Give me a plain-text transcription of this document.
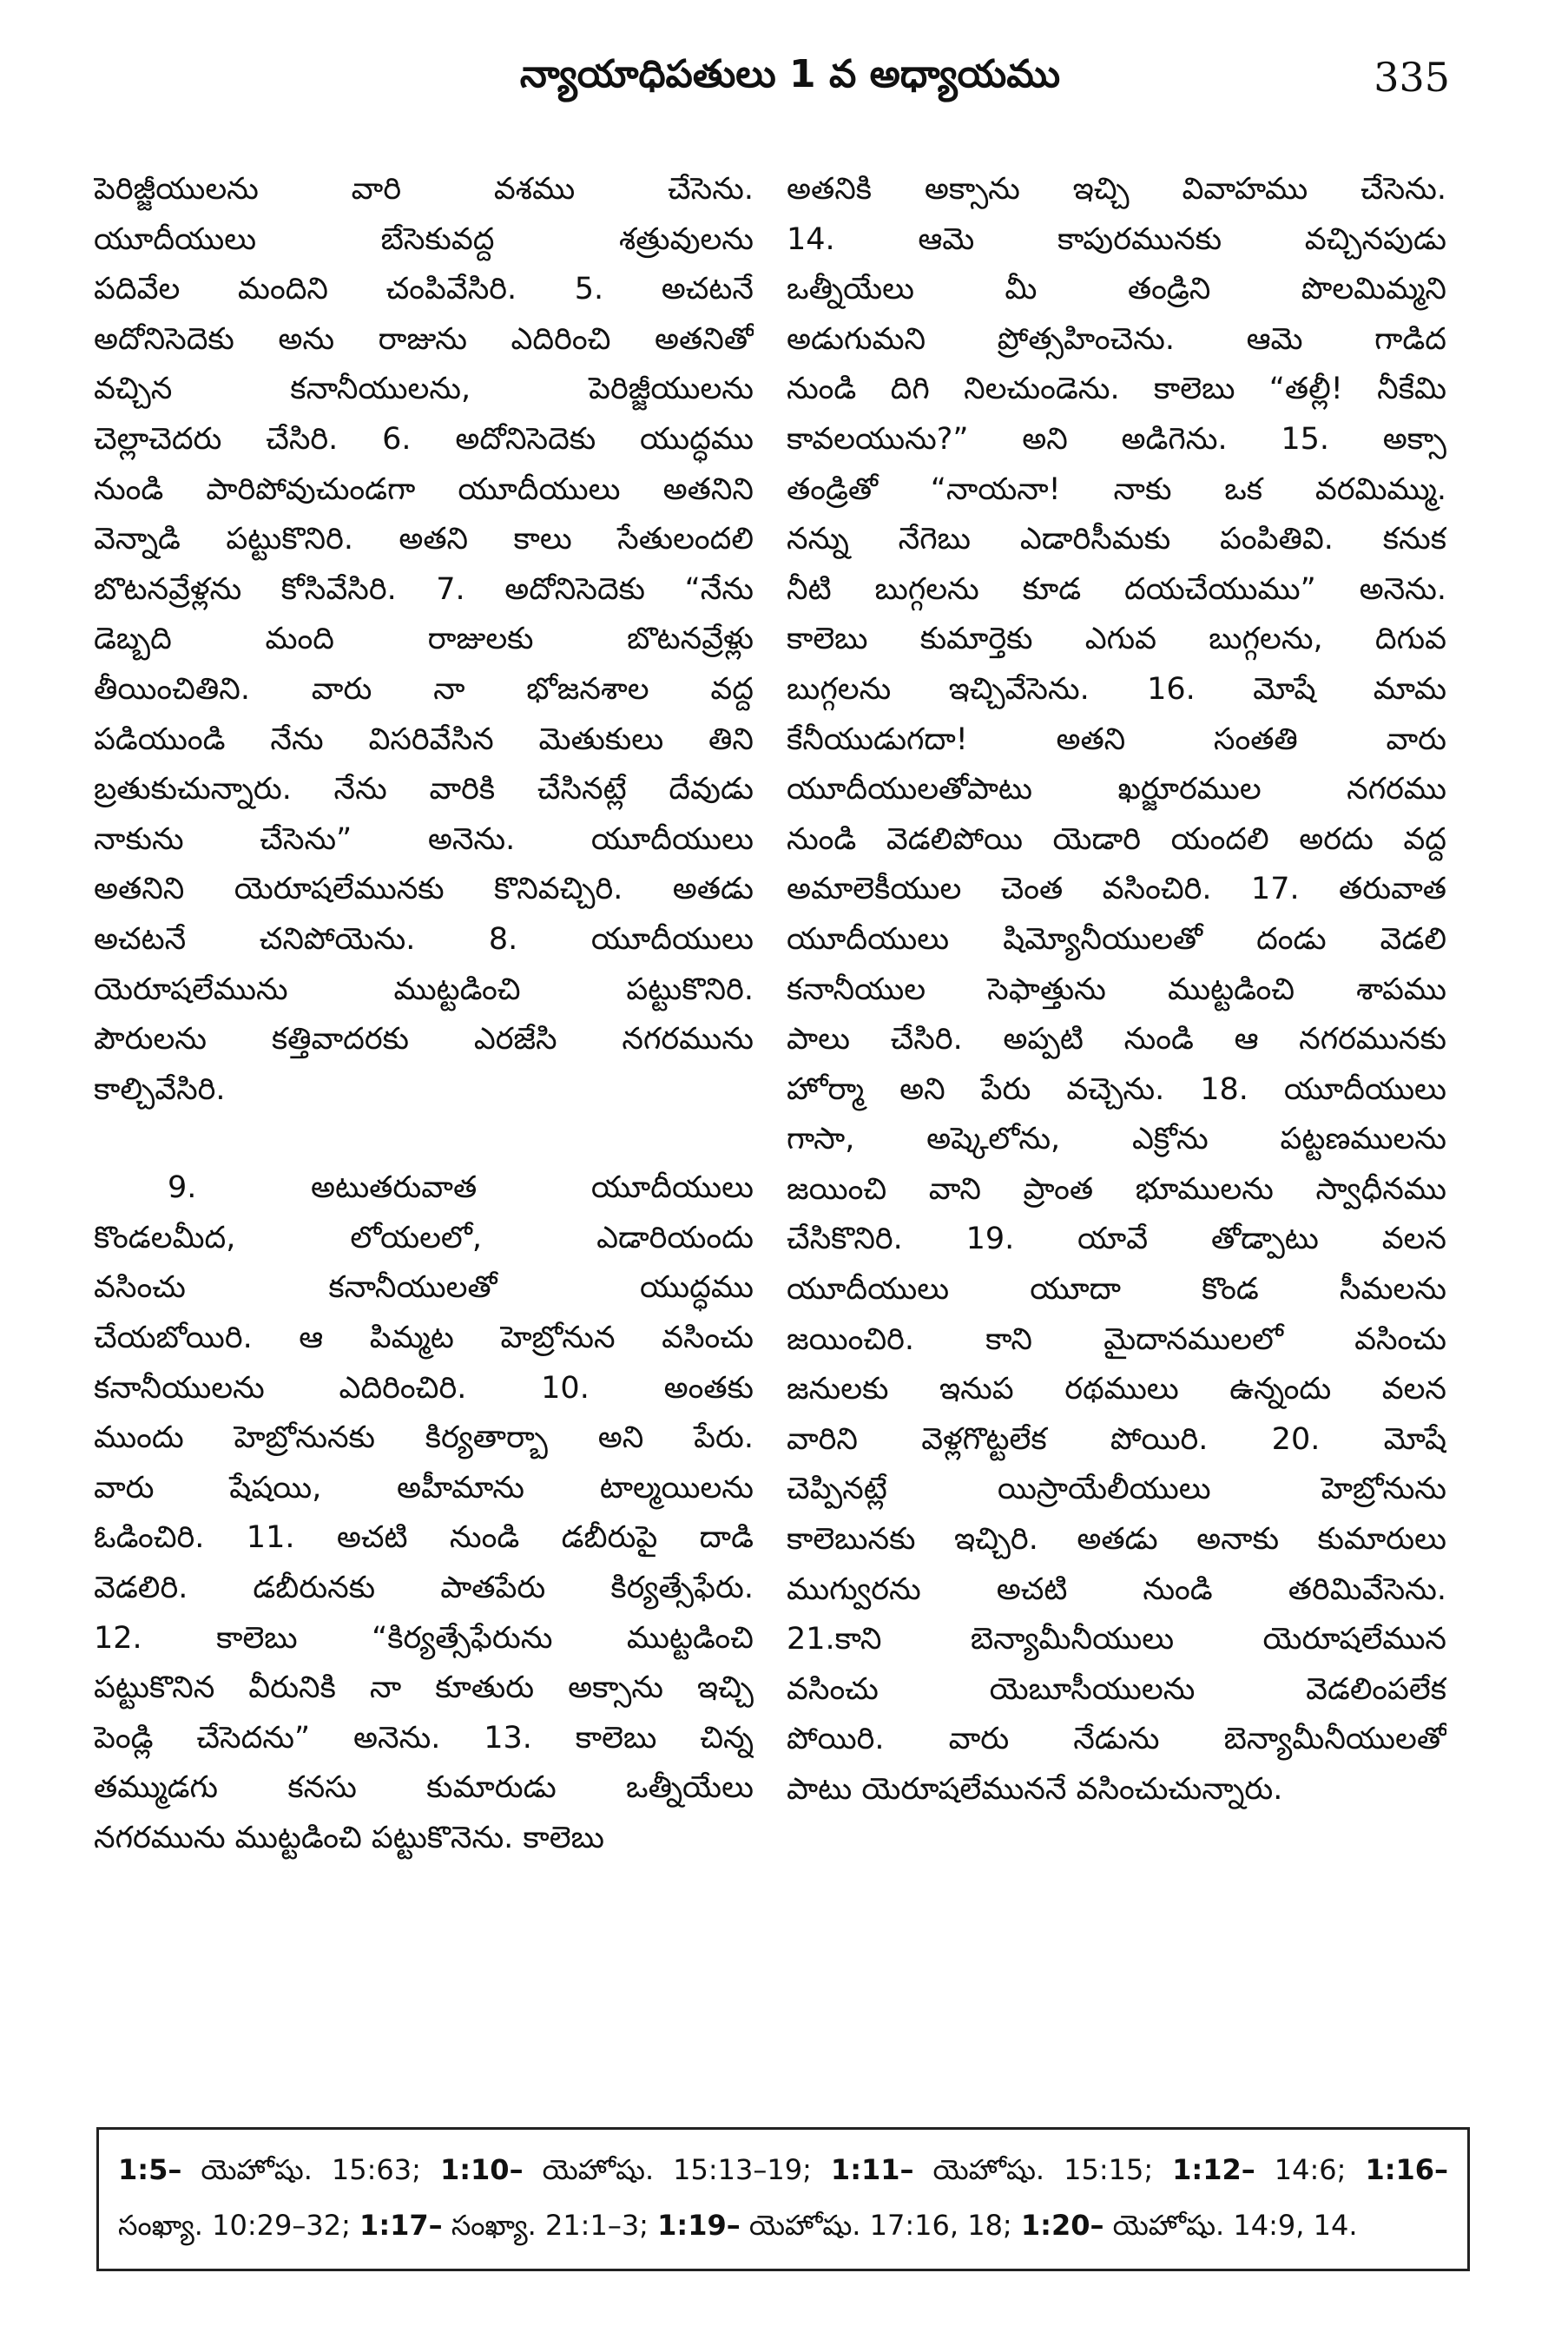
న్యాయాధిపతులు 1 వ అధ్యాయము	335
పెరిజ్జీయులను వారి వశము చేసెను.
యూదీయులు బేసెకువద్ద శత్రువులను
పదివేల మందిని చంపివేసిరి. 5. అచటనే
అదోనిసెదెకు అను రాజును ఎదిరించి అతనితో
వచ్చిన కనానీయులను, పెరిజ్జీయులను
చెల్లాచెదరు చేసిరి. 6. అదోనిసెదెకు యుద్ధము
నుండి పారిపోవుచుండగా యూదీయులు అతనిని
వెన్నాడి పట్టుకొనిరి. అతని కాలు సేతులందలి
బొటనవ్రేళ్లను కోసివేసిరి. 7. అదోనిసెదెకు “నేను
డెబ్బది మంది రాజులకు బొటనవ్రేళ్లు
తీయించితిని. వారు నా భోజనశాల వద్ద
పడియుండి నేను విసరివేసిన మెతుకులు తిని
బ్రతుకుచున్నారు. నేను వారికి చేసినట్లే దేవుడు
నాకును చేసెను” అనెను. యూదీయులు
అతనిని యెరూషలేమునకు కొనివచ్చిరి. అతడు
అచటనే చనిపోయెను. 8. యూదీయులు
యెరూషలేమును ముట్టడించి పట్టుకొనిరి.
పౌరులను కత్తివాదరకు ఎరజేసి నగరమును
కాల్చివేసిరి.
9. అటుతరువాత యూదీయులు
కొండలమీద, లోయలలో, ఎడారియందు
వసించు కనానీయులతో యుద్ధము
చేయబోయిరి. ఆ పిమ్మట హెబ్రోనున వసించు
కనానీయులను ఎదిరించిరి. 10. అంతకు
ముందు హెబ్రోనునకు కిర్యతార్బా అని పేరు.
వారు షేషయి, అహీమాను టాల్మయిలను
ఓడించిరి. 11. అచటి నుండి డబీరుపై దాడి
వెడలిరి. డబీరునకు పాతపేరు కిర్యత్సేఫేరు.
12. కాలెబు “కిర్యత్సేఫేరును ముట్టడించి
పట్టుకొనిన వీరునికి నా కూతురు అక్సాను ఇచ్చి
పెండ్లి చేసెదను” అనెను. 13. కాలెబు చిన్న
తమ్ముడగు కనసు కుమారుడు ఒత్నీయేలు
నగరమును ముట్టడించి పట్టుకొనెను. కాలెబు
అతనికి అక్సాను ఇచ్చి వివాహము చేసెను.
14. ఆమె కాపురమునకు వచ్చినపుడు
ఒత్నీయేలు మీ తండ్రిని పొలమిమ్మని
అడుగుమని ప్రోత్సహించెను. ఆమె గాడిద
నుండి దిగి నిలచుండెను. కాలెబు “తల్లీ! నీకేమి
కావలయును?” అని అడిగెను. 15. అక్సా
తండ్రితో “నాయనా! నాకు ఒక వరమిమ్ము.
నన్ను నేగెబు ఎడారిసీమకు పంపితివి. కనుక
నీటి బుగ్గలను కూడ దయచేయుము” అనెను.
కాలెబు కుమార్తెకు ఎగువ బుగ్గలను, దిగువ
బుగ్గలను ఇచ్చివేసెను. 16. మోషే మామ
కేనీయుడుగదా! అతని సంతతి వారు
యూదీయులతోపాటు ఖర్జూరముల నగరము
నుండి వెడలిపోయి యెడారి యందలి అరదు వద్ద
అమాలెకీయుల చెంత వసించిరి. 17. తరువాత
యూదీయులు షిమ్యోనీయులతో దండు వెడలి
కనానీయుల సెఫాత్తును ముట్టడించి శాపము
పాలు చేసిరి. అప్పటి నుండి ఆ నగరమునకు
హోర్మా అని పేరు వచ్చెను. 18. యూదీయులు
గాసా, అష్కెలోను, ఎక్రోను పట్టణములను
జయించి వాని ప్రాంత భూములను స్వాధీనము
చేసికొనిరి. 19. యావే తోడ్పాటు వలన
యూదీయులు యూదా కొండ సీమలను
జయించిరి. కాని మైదానములలో వసించు
జనులకు ఇనుప రథములు ఉన్నందు వలన
వారిని వెళ్లగొట్టలేక పోయిరి. 20. మోషే
చెప్పినట్లే యిస్రాయేలీయులు హెబ్రోనును
కాలెబునకు ఇచ్చిరి. అతడు అనాకు కుమారులు
ముగ్వురను అచటి నుండి తరిమివేసెను.
21.కాని బెన్యామీనీయులు యెరూషలేమున
వసించు యెబూసీయులను వెడలింపలేక
పోయిరి. వారు నేడును బెన్యామీనీయులతో
పాటు యెరూషలేముననే వసించుచున్నారు.
1:5– యెహోషు. 15:63; 1:10– యెహోషు. 15:13–19; 1:11– యెహోషు. 15:15; 1:12– 14:6; 1:16–
సంఖ్యా. 10:29–32; 1:17– సంఖ్యా. 21:1–3; 1:19– యెహోషు. 17:16, 18; 1:20– యెహోషు. 14:9, 14.
